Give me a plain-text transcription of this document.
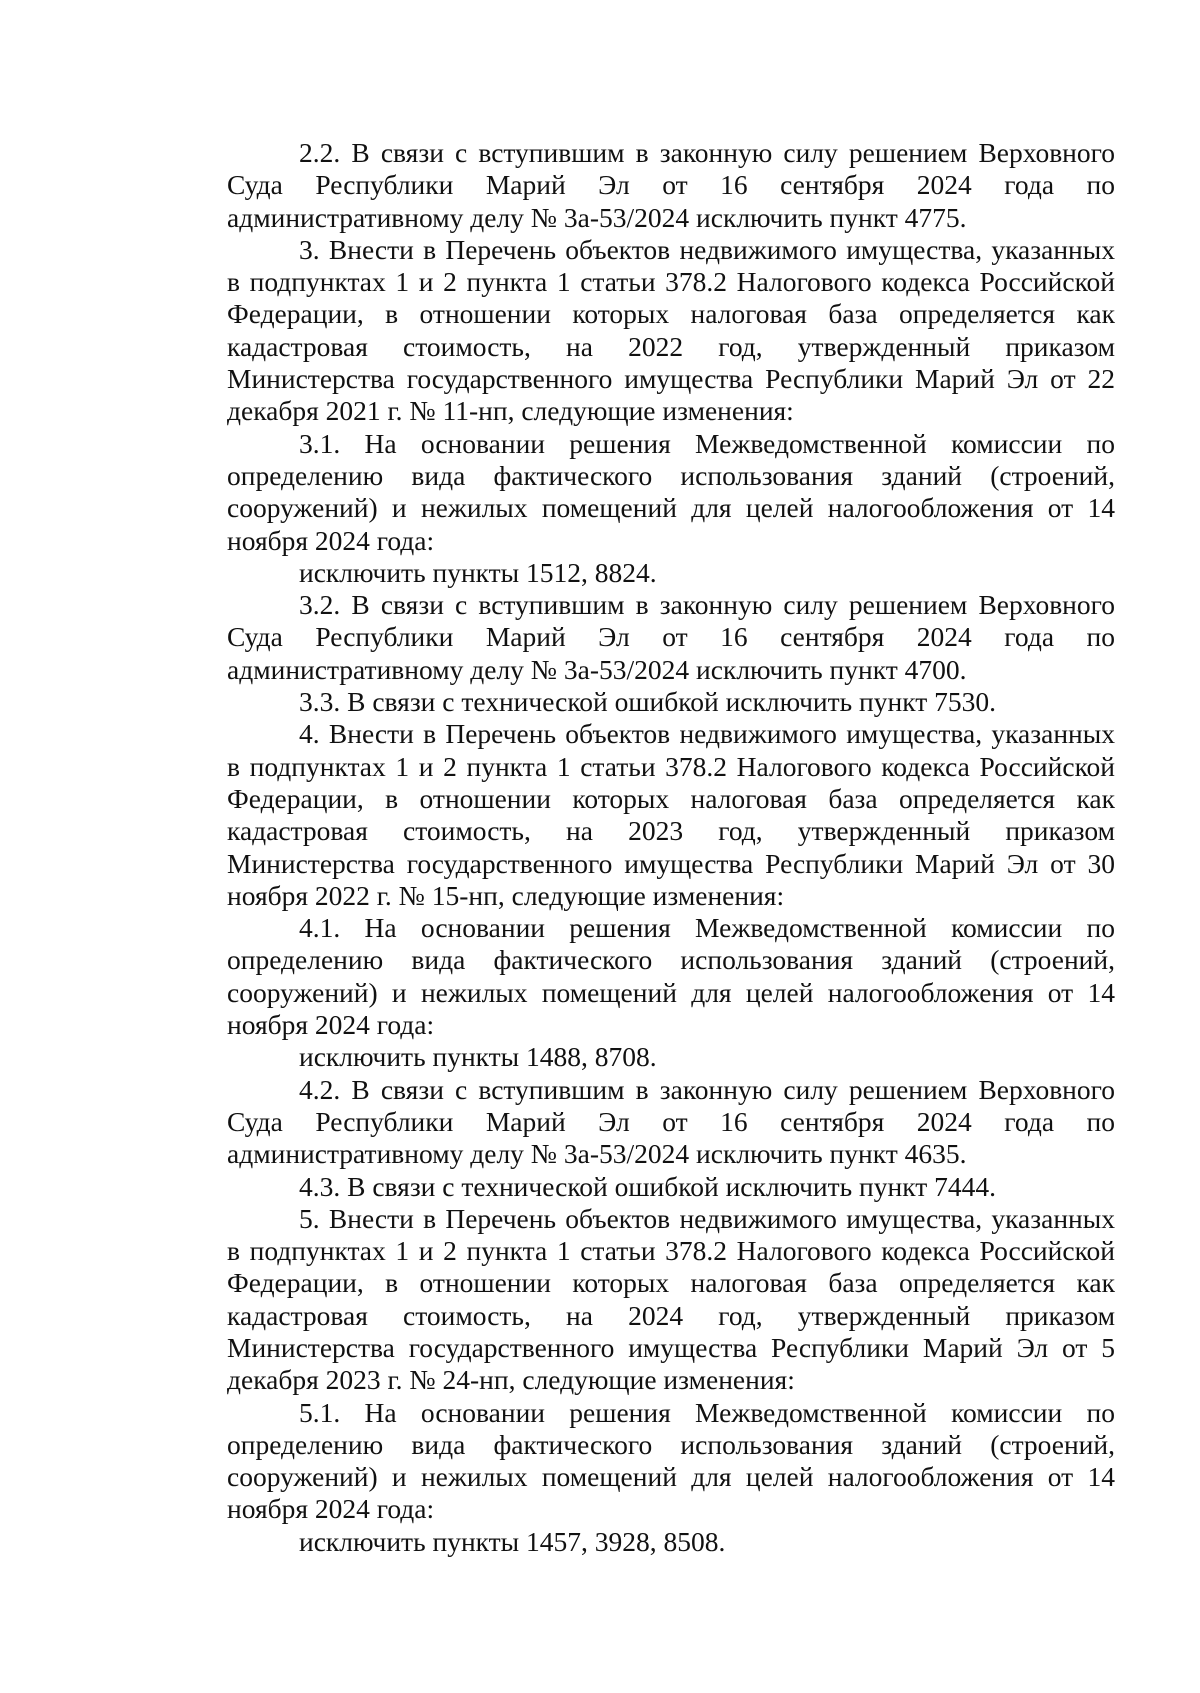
2.2. В связи с вступившим в законную силу решением Верховного Суда Республики Марий Эл от 16 сентября 2024 года по административному делу № 3а-53/2024 исключить пункт 4775.

3. Внести в Перечень объектов недвижимого имущества, указанных в подпунктах 1 и 2 пункта 1 статьи 378.2 Налогового кодекса Российской Федерации, в отношении которых налоговая база определяется как кадастровая стоимость, на 2022 год, утвержденный приказом Министерства государственного имущества Республики Марий Эл от 22 декабря 2021 г. № 11-нп, следующие изменения:

3.1. На основании решения Межведомственной комиссии по определению вида фактического использования зданий (строений, сооружений) и нежилых помещений для целей налогообложения от 14 ноября 2024 года:

исключить пункты 1512, 8824.

3.2. В связи с вступившим в законную силу решением Верховного Суда Республики Марий Эл от 16 сентября 2024 года по административному делу № 3а-53/2024 исключить пункт 4700.

3.3. В связи с технической ошибкой исключить пункт 7530.

4. Внести в Перечень объектов недвижимого имущества, указанных в подпунктах 1 и 2 пункта 1 статьи 378.2 Налогового кодекса Российской Федерации, в отношении которых налоговая база определяется как кадастровая стоимость, на 2023 год, утвержденный приказом Министерства государственного имущества Республики Марий Эл от 30 ноября 2022 г. № 15-нп, следующие изменения:

4.1. На основании решения Межведомственной комиссии по определению вида фактического использования зданий (строений, сооружений) и нежилых помещений для целей налогообложения от 14 ноября 2024 года:

исключить пункты 1488, 8708.

4.2. В связи с вступившим в законную силу решением Верховного Суда Республики Марий Эл от 16 сентября 2024 года по административному делу № 3а-53/2024 исключить пункт 4635.

4.3. В связи с технической ошибкой исключить пункт 7444.

5. Внести в Перечень объектов недвижимого имущества, указанных в подпунктах 1 и 2 пункта 1 статьи 378.2 Налогового кодекса Российской Федерации, в отношении которых налоговая база определяется как кадастровая стоимость, на 2024 год, утвержденный приказом Министерства государственного имущества Республики Марий Эл от 5 декабря 2023 г. № 24-нп, следующие изменения:

5.1. На основании решения Межведомственной комиссии по определению вида фактического использования зданий (строений, сооружений) и нежилых помещений для целей налогообложения от 14 ноября 2024 года:

исключить пункты 1457, 3928, 8508.
